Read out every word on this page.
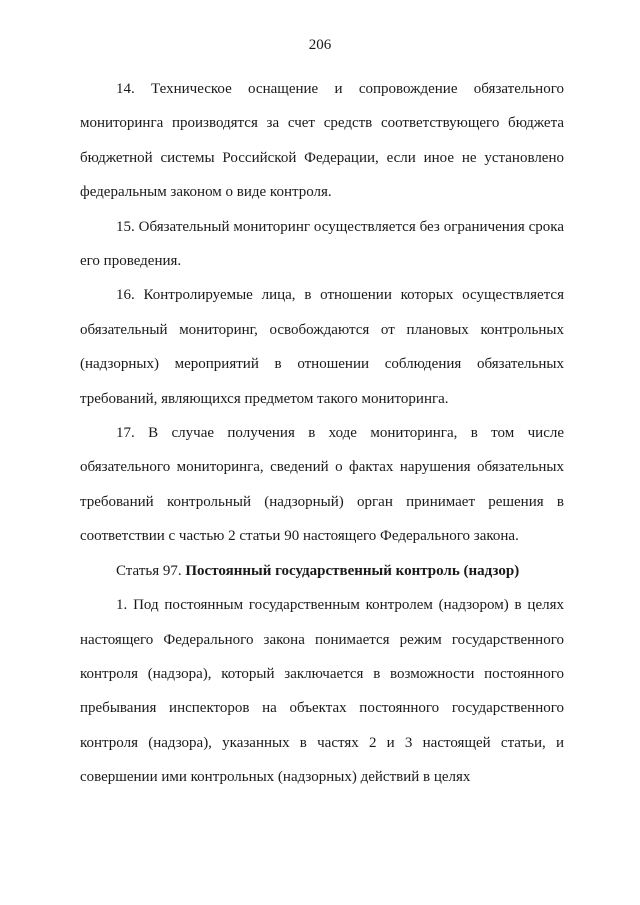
206

14. Техническое оснащение и сопровождение обязательного мониторинга производятся за счет средств соответствующего бюджета бюджетной системы Российской Федерации, если иное не установлено федеральным законом о виде контроля.

15. Обязательный мониторинг осуществляется без ограничения срока его проведения.

16. Контролируемые лица, в отношении которых осуществляется обязательный мониторинг, освобождаются от плановых контрольных (надзорных) мероприятий в отношении соблюдения обязательных требований, являющихся предметом такого мониторинга.

17. В случае получения в ходе мониторинга, в том числе обязательного мониторинга, сведений о фактах нарушения обязательных требований контрольный (надзорный) орган принимает решения в соответствии с частью 2 статьи 90 настоящего Федерального закона.

Статья 97. Постоянный государственный контроль (надзор)

1. Под постоянным государственным контролем (надзором) в целях настоящего Федерального закона понимается режим государственного контроля (надзора), который заключается в возможности постоянного пребывания инспекторов на объектах постоянного государственного контроля (надзора), указанных в частях 2 и 3 настоящей статьи, и совершении ими контрольных (надзорных) действий в целях
